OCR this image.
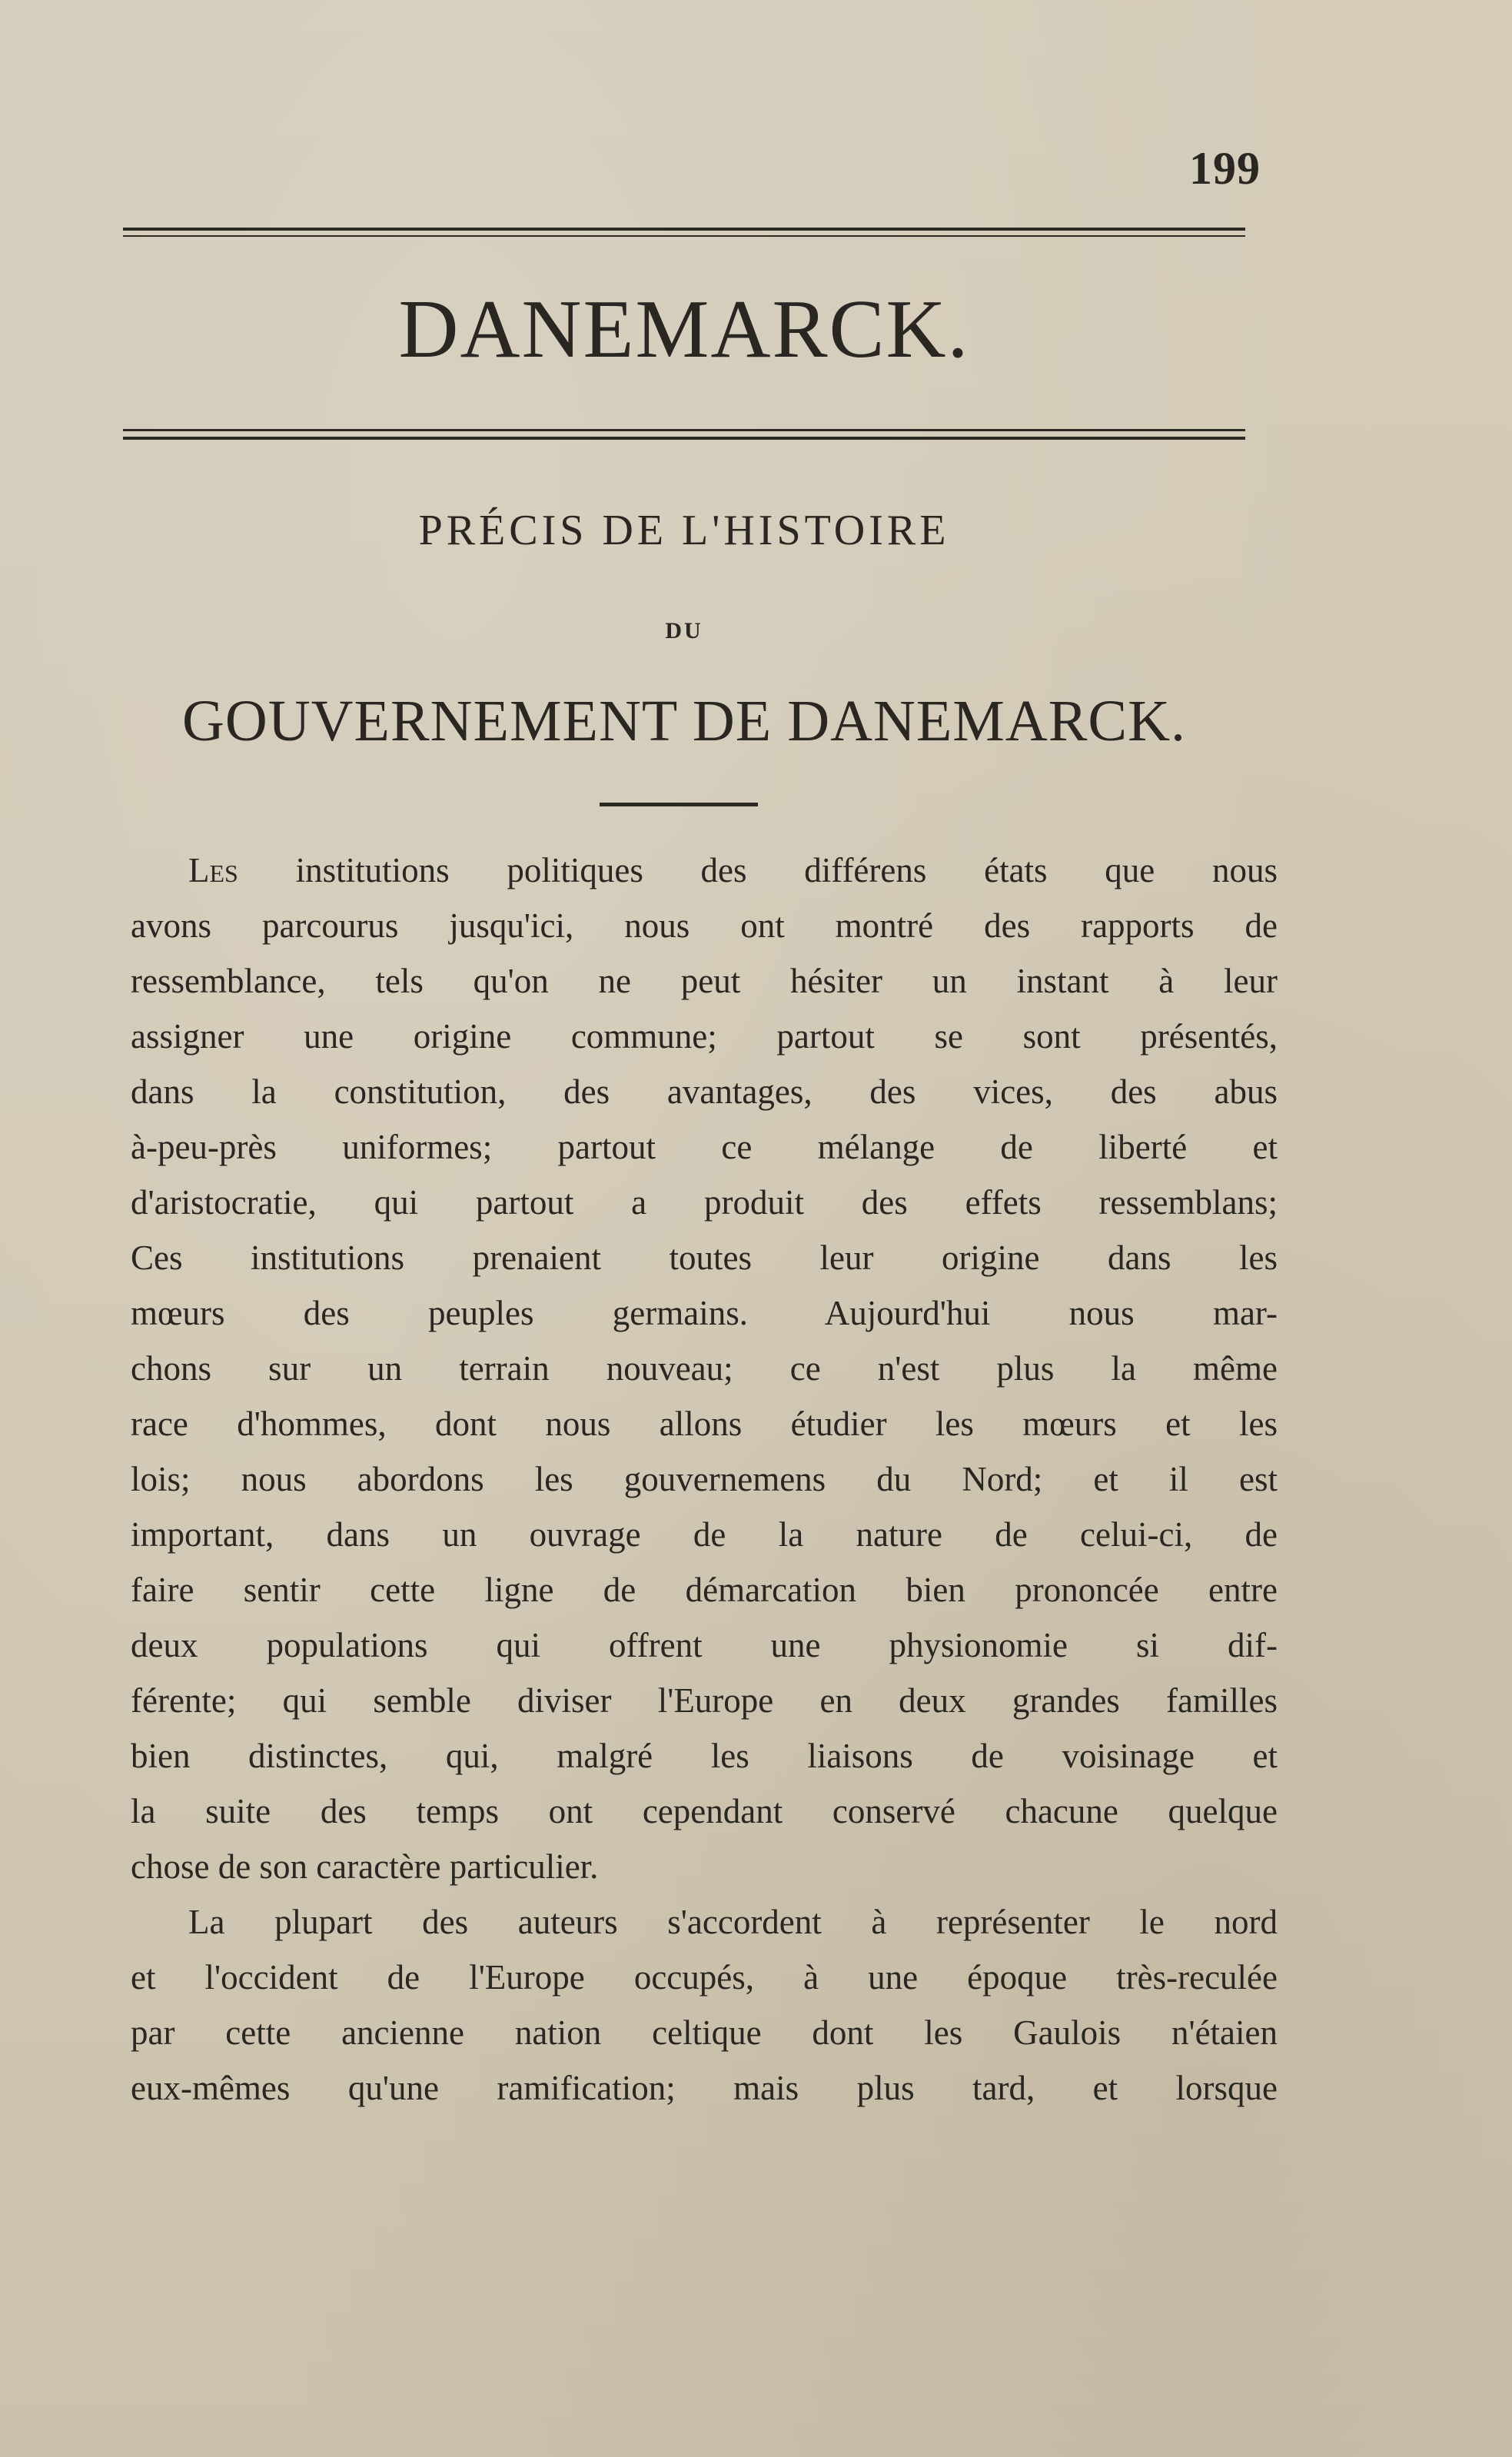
199
DANEMARCK.
PRÉCIS DE L'HISTOIRE
DU
GOUVERNEMENT DE DANEMARCK.
Les institutions politiques des différens états que nous
avons parcourus jusqu'ici, nous ont montré des rapports de
ressemblance, tels qu'on ne peut hésiter un instant à leur
assigner une origine commune; partout se sont présentés,
dans la constitution, des avantages, des vices, des abus
à-peu-près uniformes; partout ce mélange de liberté et
d'aristocratie, qui partout a produit des effets ressemblans;
Ces institutions prenaient toutes leur origine dans les
mœurs des peuples germains. Aujourd'hui nous mar-
chons sur un terrain nouveau; ce n'est plus la même
race d'hommes, dont nous allons étudier les mœurs et les
lois; nous abordons les gouvernemens du Nord; et il est
important, dans un ouvrage de la nature de celui-ci, de
faire sentir cette ligne de démarcation bien prononcée entre
deux populations qui offrent une physionomie si dif-
férente; qui semble diviser l'Europe en deux grandes familles
bien distinctes, qui, malgré les liaisons de voisinage et
la suite des temps ont cependant conservé chacune quelque
chose de son caractère particulier.
La plupart des auteurs s'accordent à représenter le nord
et l'occident de l'Europe occupés, à une époque très-reculée
par cette ancienne nation celtique dont les Gaulois n'étaien
eux-mêmes qu'une ramification; mais plus tard, et lorsque
